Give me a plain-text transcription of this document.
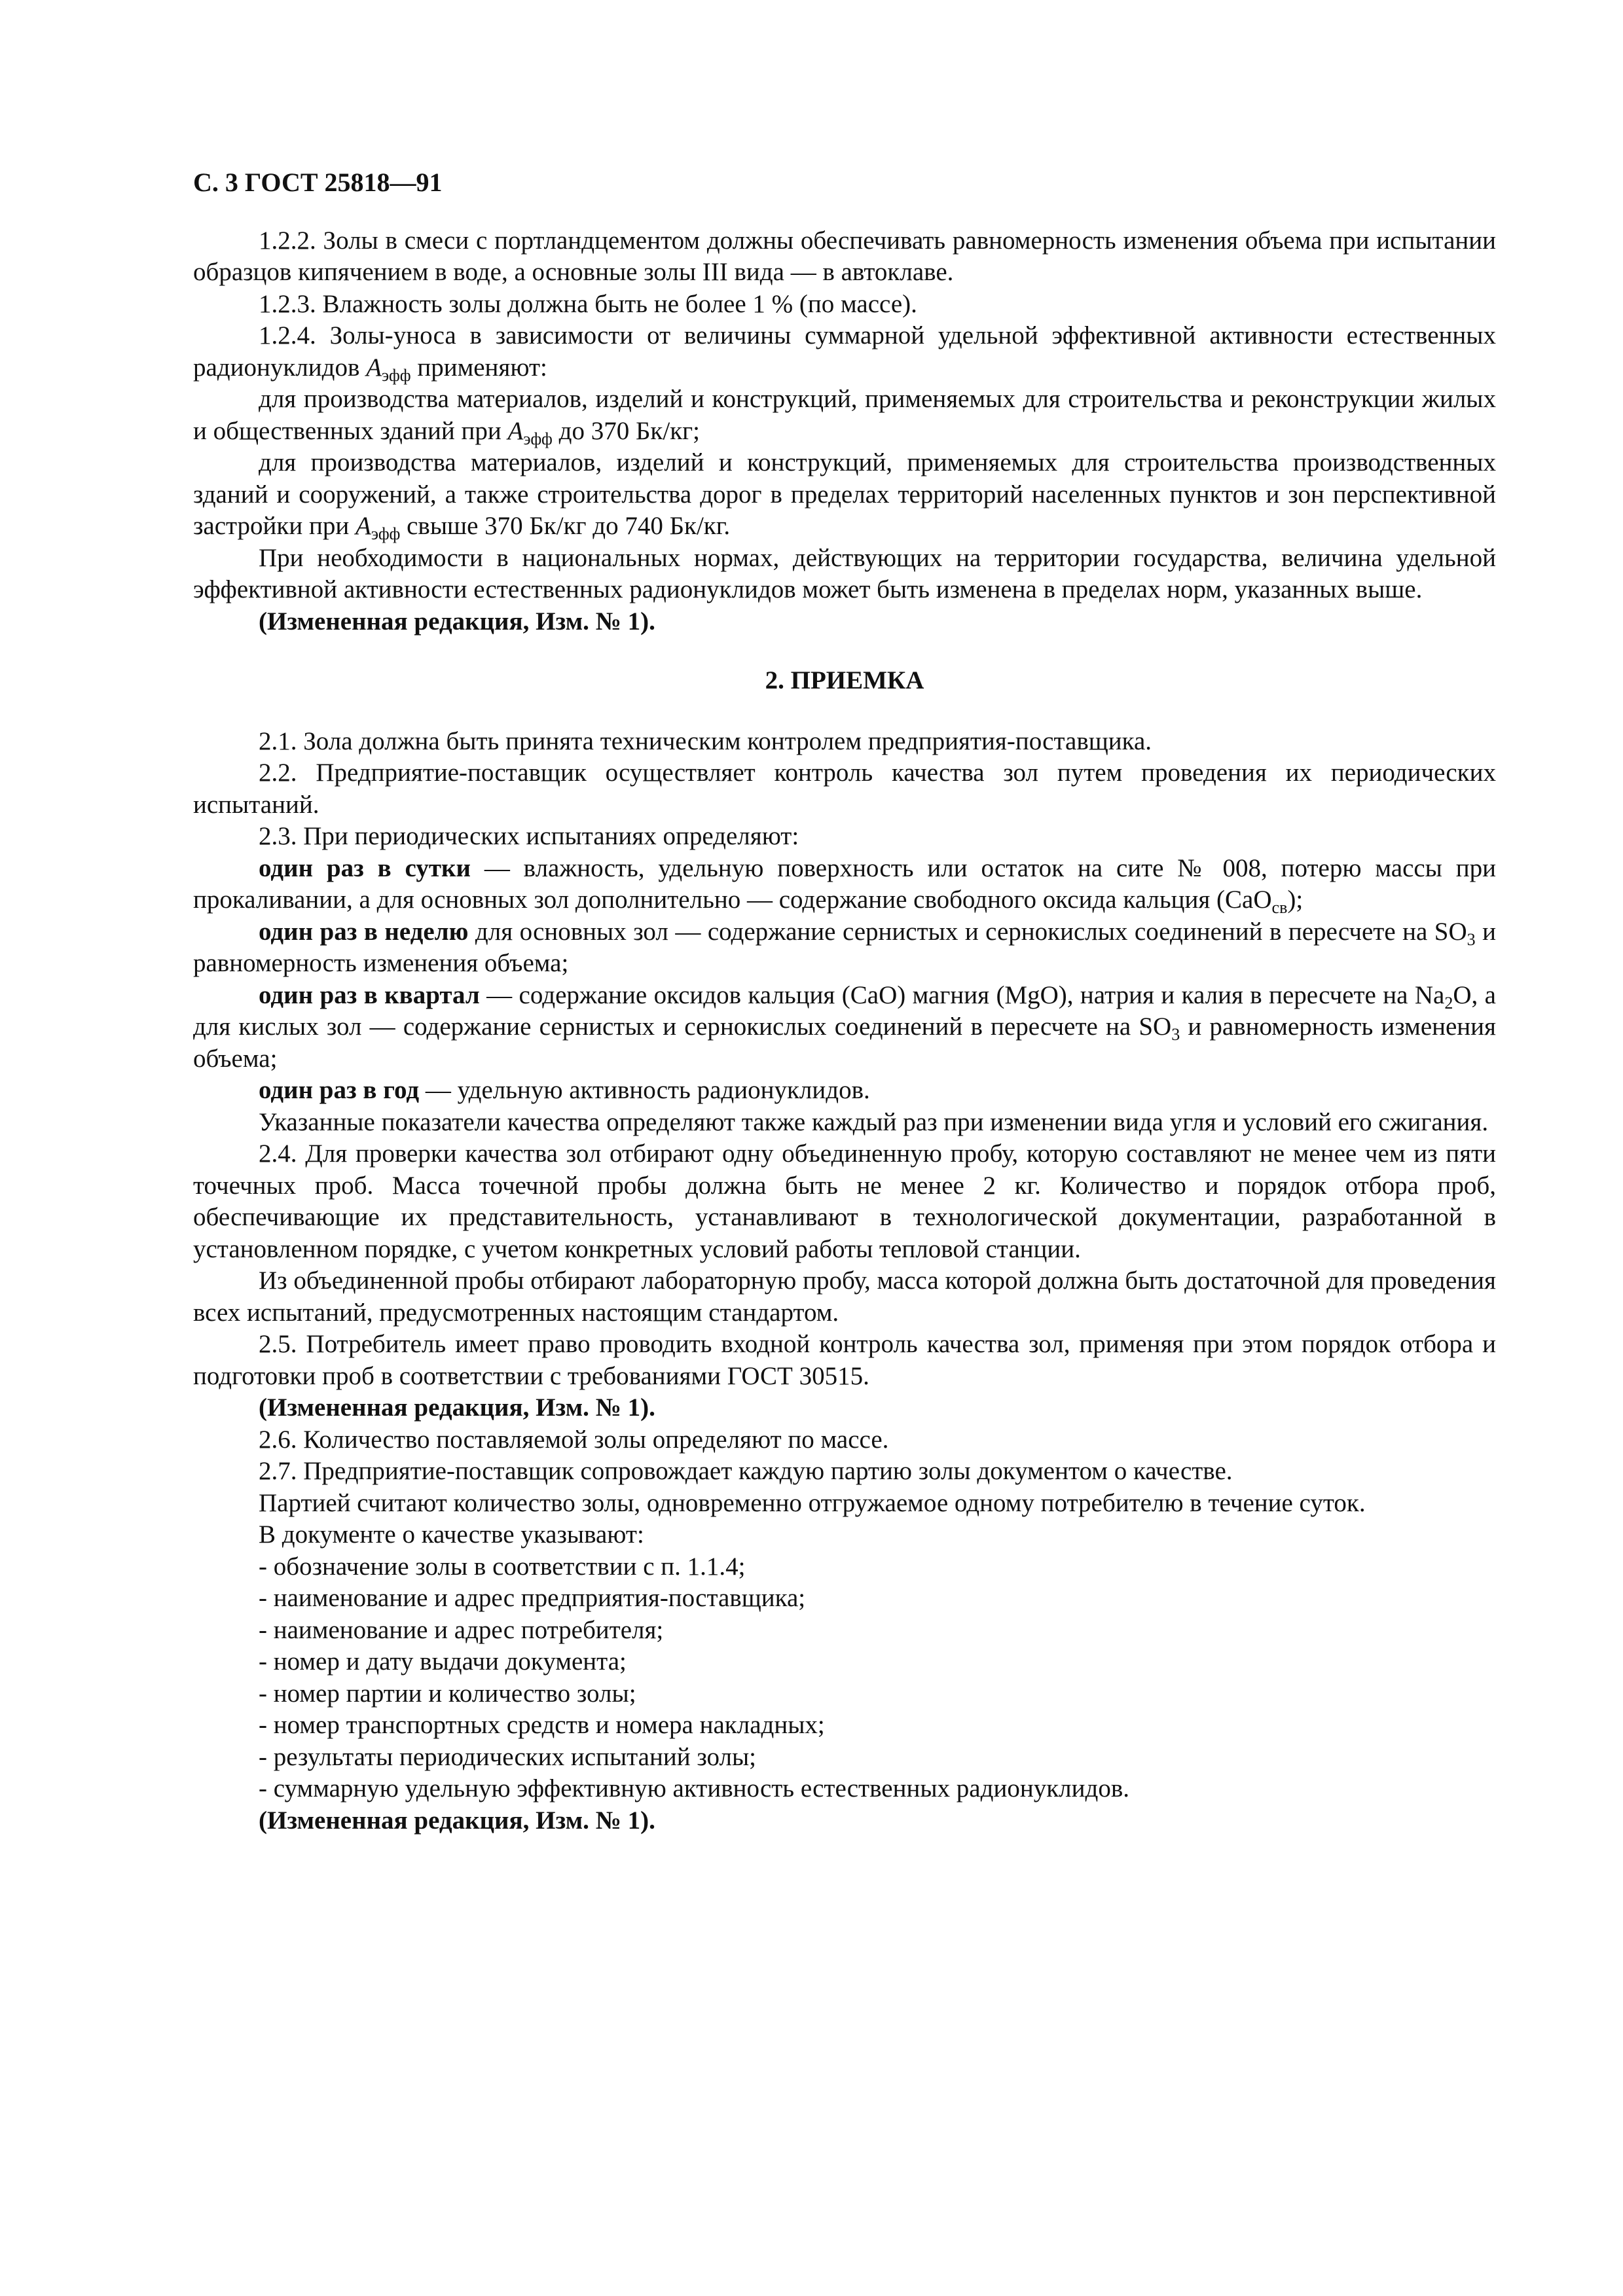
С. 3 ГОСТ 25818—91

1.2.2. Золы в смеси с портландцементом должны обеспечивать равномерность изменения объема при испытании образцов кипячением в воде, а основные золы III вида — в автоклаве.

1.2.3. Влажность золы должна быть не более 1 % (по массе).

1.2.4. Золы-уноса в зависимости от величины суммарной удельной эффективной активности естественных радионуклидов $А_{эфф}$ применяют:

для производства материалов, изделий и конструкций, применяемых для строительства и реконструкции жилых и общественных зданий при $А_{эфф}$ до 370 Бк/кг;

для производства материалов, изделий и конструкций, применяемых для строительства производственных зданий и сооружений, а также строительства дорог в пределах территорий населенных пунктов и зон перспективной застройки при $А_{эфф}$ свыше 370 Бк/кг до 740 Бк/кг.

При необходимости в национальных нормах, действующих на территории государства, величина удельной эффективной активности естественных радионуклидов может быть изменена в пределах норм, указанных выше.

(Измененная редакция, Изм. № 1).

2. ПРИЕМКА

2.1. Зола должна быть принята техническим контролем предприятия-поставщика.

2.2. Предприятие-поставщик осуществляет контроль качества зол путем проведения их периодических испытаний.

2.3. При периодических испытаниях определяют:

один раз в сутки — влажность, удельную поверхность или остаток на сите № 008, потерю массы при прокаливании, а для основных зол дополнительно — содержание свободного оксида кальция (CaO$_{св}$);

один раз в неделю для основных зол — содержание сернистых и сернокислых соединений в пересчете на $SO_3$ и равномерность изменения объема;

один раз в квартал — содержание оксидов кальция (CaO) магния (MgO), натрия и калия в пересчете на $Na_2O$, а для кислых зол — содержание сернистых и сернокислых соединений в пересчете на $SO_3$ и равномерность изменения объема;

один раз в год — удельную активность радионуклидов.

Указанные показатели качества определяют также каждый раз при изменении вида угля и условий его сжигания.

2.4. Для проверки качества зол отбирают одну объединенную пробу, которую составляют не менее чем из пяти точечных проб. Масса точечной пробы должна быть не менее 2 кг. Количество и порядок отбора проб, обеспечивающие их представительность, устанавливают в технологической документации, разработанной в установленном порядке, с учетом конкретных условий работы тепловой станции.

Из объединенной пробы отбирают лабораторную пробу, масса которой должна быть достаточной для проведения всех испытаний, предусмотренных настоящим стандартом.

2.5. Потребитель имеет право проводить входной контроль качества зол, применяя при этом порядок отбора и подготовки проб в соответствии с требованиями ГОСТ 30515.

(Измененная редакция, Изм. № 1).

2.6. Количество поставляемой золы определяют по массе.

2.7. Предприятие-поставщик сопровождает каждую партию золы документом о качестве.

Партией считают количество золы, одновременно отгружаемое одному потребителю в течение суток.

В документе о качестве указывают:

- обозначение золы в соответствии с п. 1.1.4;

- наименование и адрес предприятия-поставщика;

- наименование и адрес потребителя;

- номер и дату выдачи документа;

- номер партии и количество золы;

- номер транспортных средств и номера накладных;

- результаты периодических испытаний золы;

- суммарную удельную эффективную активность естественных радионуклидов.

(Измененная редакция, Изм. № 1).
